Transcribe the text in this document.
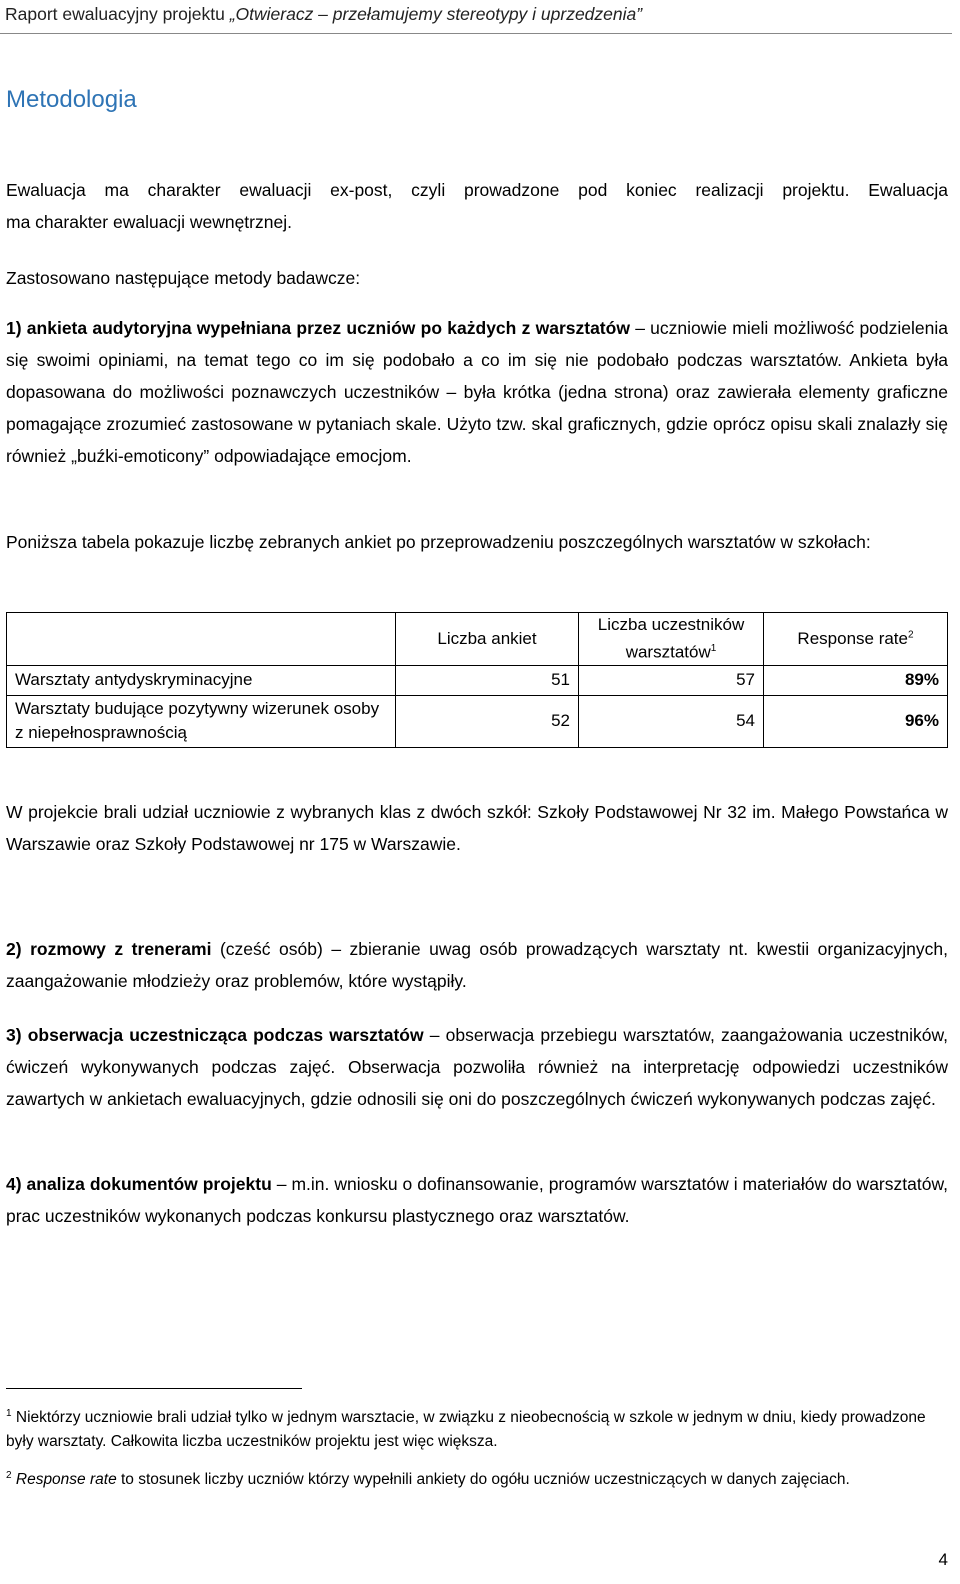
Raport ewaluacyjny projektu „Otwieracz – przełamujemy stereotypy i uprzedzenia”
Metodologia
Ewaluacja ma charakter ewaluacji ex-post, czyli prowadzone pod koniec realizacji projektu. Ewaluacja
ma charakter ewaluacji wewnętrznej.
Zastosowano następujące metody badawcze:
1) ankieta audytoryjna wypełniana przez uczniów po każdych z warsztatów – uczniowie mieli możliwość podzielenia się swoimi opiniami, na temat tego co im się podobało a co im się nie podobało podczas warsztatów. Ankieta była dopasowana do możliwości poznawczych uczestników – była krótka (jedna strona) oraz zawierała elementy graficzne pomagające zrozumieć zastosowane w pytaniach skale. Użyto tzw. skal graficznych, gdzie oprócz opisu skali znalazły się również „buźki-emoticony” odpowiadające emocjom.
Poniższa tabela pokazuje liczbę zebranych ankiet po przeprowadzeniu poszczególnych warsztatów w szkołach:
	Liczba ankiet	Liczba uczestników warsztatów$^1$	Response rate$^2$
Warsztaty antydyskryminacyjne	51	57	89%
Warsztaty budujące pozytywny wizerunek osoby z niepełnosprawnością	52	54	96%
W projekcie brali udział uczniowie z wybranych klas z dwóch szkół: Szkoły Podstawowej Nr 32 im. Małego Powstańca w Warszawie oraz Szkoły Podstawowej nr 175 w Warszawie.
2) rozmowy z trenerami (cześć osób) – zbieranie uwag osób prowadzących warsztaty nt. kwestii organizacyjnych, zaangażowanie młodzieży oraz problemów, które wystąpiły.
3) obserwacja uczestnicząca podczas warsztatów – obserwacja przebiegu warsztatów, zaangażowania uczestników, ćwiczeń wykonywanych podczas zajęć. Obserwacja pozwoliła również na interpretację odpowiedzi uczestników zawartych w ankietach ewaluacyjnych, gdzie odnosili się oni do poszczególnych ćwiczeń wykonywanych podczas zajęć.
4) analiza dokumentów projektu – m.in. wniosku o dofinansowanie, programów warsztatów i materiałów do warsztatów, prac uczestników wykonanych podczas konkursu plastycznego oraz warsztatów.
$^1$ Niektórzy uczniowie brali udział tylko w jednym warsztacie, w związku z nieobecnością w szkole w jednym w dniu, kiedy prowadzone były warsztaty. Całkowita liczba uczestników projektu jest więc większa.
$^2$ Response rate to stosunek liczby uczniów którzy wypełnili ankiety do ogółu uczniów uczestniczących w danych zajęciach.
4
